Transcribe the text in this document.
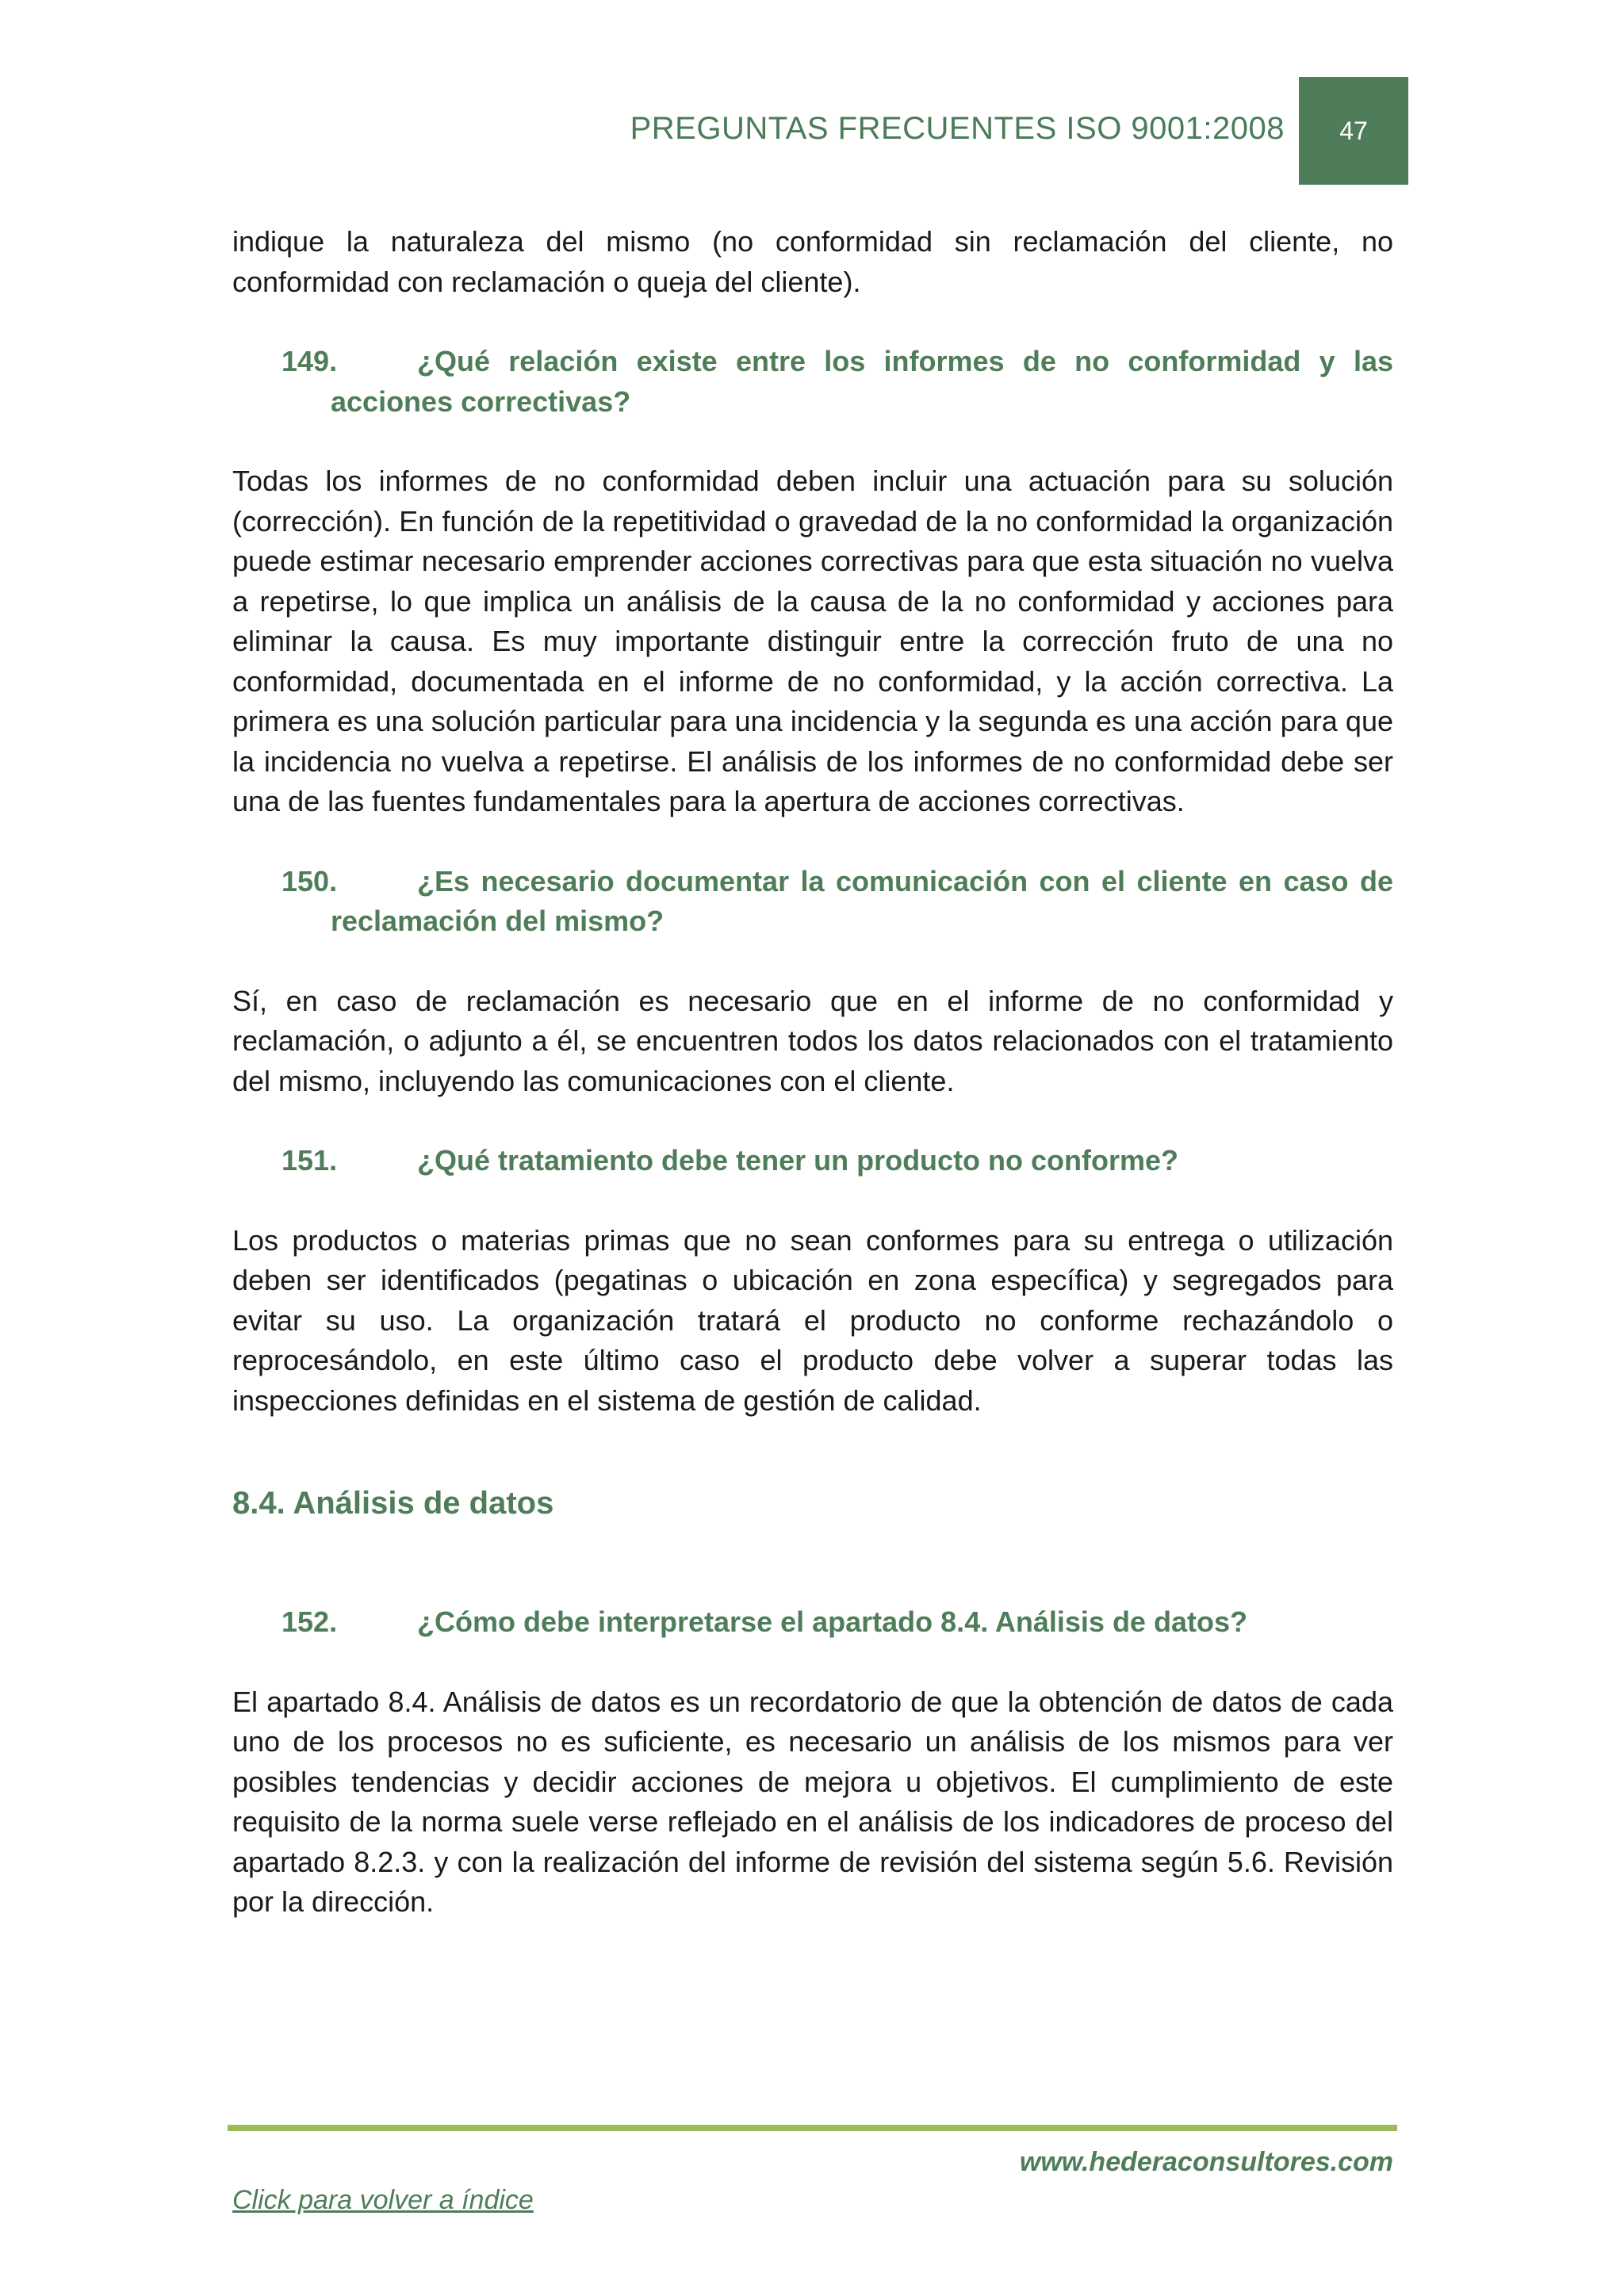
PREGUNTAS FRECUENTES ISO 9001:2008 47

indique la naturaleza del mismo (no conformidad sin reclamación del cliente, no conformidad con reclamación o queja del cliente).

149.	¿Qué relación existe entre los informes de no conformidad y las acciones correctivas?

Todas los informes de no conformidad deben incluir una actuación para su solución (corrección). En función de la repetitividad o gravedad de la no conformidad la organización puede estimar necesario emprender acciones correctivas para que esta situación no vuelva a repetirse, lo que implica un análisis de la causa de la no conformidad y acciones para eliminar la causa. Es muy importante distinguir entre la corrección fruto de una no conformidad, documentada en el informe de no conformidad, y la acción correctiva. La primera es una solución particular para una incidencia y la segunda es una acción para que la incidencia no vuelva a repetirse. El análisis de los informes de no conformidad debe ser una de las fuentes fundamentales para la apertura de acciones correctivas.

150.	¿Es necesario documentar la comunicación con el cliente en caso de reclamación del mismo?

Sí, en caso de reclamación es necesario que en el informe de no conformidad y reclamación, o adjunto a él, se encuentren todos los datos relacionados con el tratamiento del mismo, incluyendo las comunicaciones con el cliente.

151.	¿Qué tratamiento debe tener un producto no conforme?

Los productos o materias primas que no sean conformes para su entrega o utilización deben ser identificados (pegatinas o ubicación en zona específica) y segregados para evitar su uso. La organización tratará el producto no conforme rechazándolo o reprocesándolo, en este último caso el producto debe volver a superar todas las inspecciones definidas en el sistema de gestión de calidad.

8.4. Análisis de datos

152.	¿Cómo debe interpretarse el apartado 8.4. Análisis de datos?

El apartado 8.4. Análisis de datos es un recordatorio de que la obtención de datos de cada uno de los procesos no es suficiente, es necesario un análisis de los mismos para ver posibles tendencias y decidir acciones de mejora u objetivos. El cumplimiento de este requisito de la norma suele verse reflejado en el análisis de los indicadores de proceso del apartado 8.2.3. y con la realización del informe de revisión del sistema según 5.6. Revisión por la dirección.

www.hederaconsultores.com
Click para volver a índice
